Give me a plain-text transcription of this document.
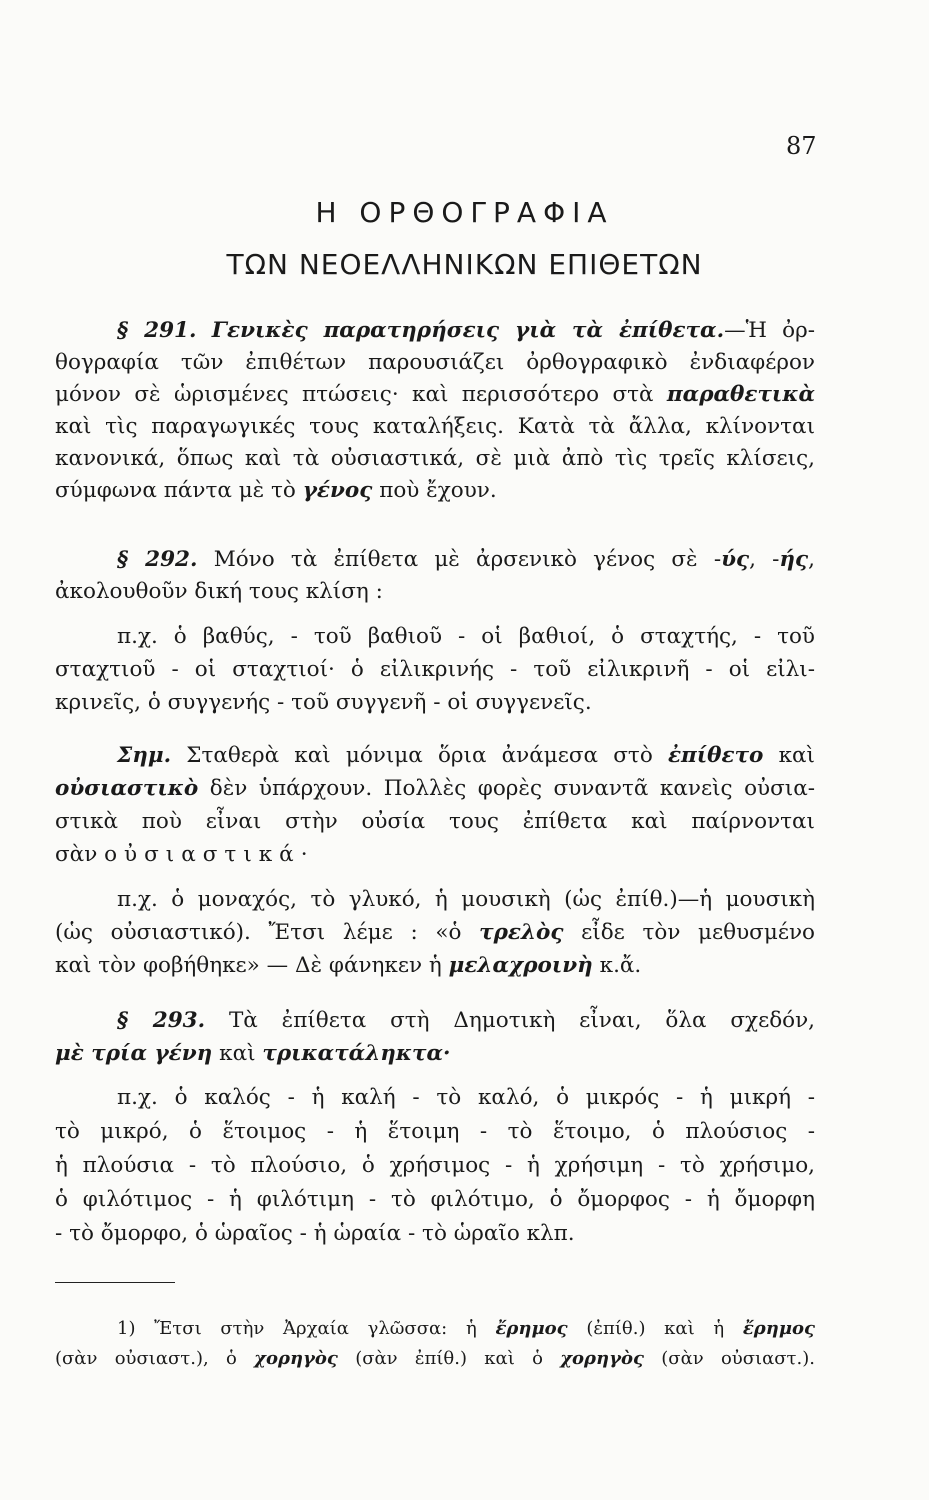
87
Η ΟΡΘΟΓΡΑΦΙΑ
ΤΩΝ ΝΕΟΕΛΛΗΝΙΚΩΝ ΕΠΙΘΕΤΩΝ
§ 291. Γενικὲς παρατηρήσεις γιὰ τὰ ἐπίθετα.—Ἡ ὀρ-
θογραφία τῶν ἐπιθέτων παρουσιάζει ὀρθογραφικὸ ἐνδιαφέρον
μόνον σὲ ὡρισμένες πτώσεις· καὶ περισσότερο στὰ παραθετικὰ
καὶ τὶς παραγωγικές τους καταλήξεις. Κατὰ τὰ ἄλλα, κλίνονται
κανονικά, ὅπως καὶ τὰ οὐσιαστικά, σὲ μιὰ ἀπὸ τὶς τρεῖς κλίσεις,
σύμφωνα πάντα μὲ τὸ γένος ποὺ ἔχουν.
§ 292. Μόνο τὰ ἐπίθετα μὲ ἀρσενικὸ γένος σὲ -ύς, -ής,
ἀκολουθοῦν δική τους κλίση :
π.χ. ὁ βαθύς, - τοῦ βαθιοῦ - οἱ βαθιοί, ὁ σταχτής, - τοῦ
σταχτιοῦ - οἱ σταχτιοί· ὁ εἰλικρινής - τοῦ εἰλικρινῆ - οἱ εἰλι-
κρινεῖς, ὁ συγγενής - τοῦ συγγενῆ - οἱ συγγενεῖς.
Σημ. Σταθερὰ καὶ μόνιμα ὅρια ἀνάμεσα στὸ ἐπίθετο καὶ
οὐσιαστικὸ δὲν ὑπάρχουν. Πολλὲς φορὲς συναντᾶ κανεὶς οὐσια-
στικὰ ποὺ εἶναι στὴν οὐσία τους ἐπίθετα καὶ παίρνονται
σὰν οὐσιαστικά·
π.χ. ὁ μοναχός, τὸ γλυκό, ἡ μουσικὴ (ὡς ἐπίθ.)—ἡ μουσικὴ
(ὡς οὐσιαστικό). Ἔτσι λέμε : «ὁ τρελὸς εἶδε τὸν μεθυσμένο
καὶ τὸν φοβήθηκε» — Δὲ φάνηκεν ἡ μελαχροινὴ κ.ἄ.
§ 293. Τὰ ἐπίθετα στὴ Δημοτικὴ εἶναι, ὅλα σχεδόν,
μὲ τρία γένη καὶ τρικατάληκτα·
π.χ. ὁ καλός - ἡ καλή - τὸ καλό, ὁ μικρός - ἡ μικρή -
τὸ μικρό, ὁ ἕτοιμος - ἡ ἕτοιμη - τὸ ἕτοιμο, ὁ πλούσιος -
ἡ πλούσια - τὸ πλούσιο, ὁ χρήσιμος - ἡ χρήσιμη - τὸ χρήσιμο,
ὁ φιλότιμος - ἡ φιλότιμη - τὸ φιλότιμο, ὁ ὄμορφος - ἡ ὄμορφη
- τὸ ὄμορφο, ὁ ὡραῖος - ἡ ὡραία - τὸ ὡραῖο κλπ.
1) Ἔτσι στὴν Ἀρχαία γλῶσσα: ἡ ἔρημος (ἐπίθ.) καὶ ἡ ἔρημος
(σὰν οὐσιαστ.), ὁ χορηγὸς (σὰν ἐπίθ.) καὶ ὁ χορηγὸς (σὰν οὐσιαστ.).
